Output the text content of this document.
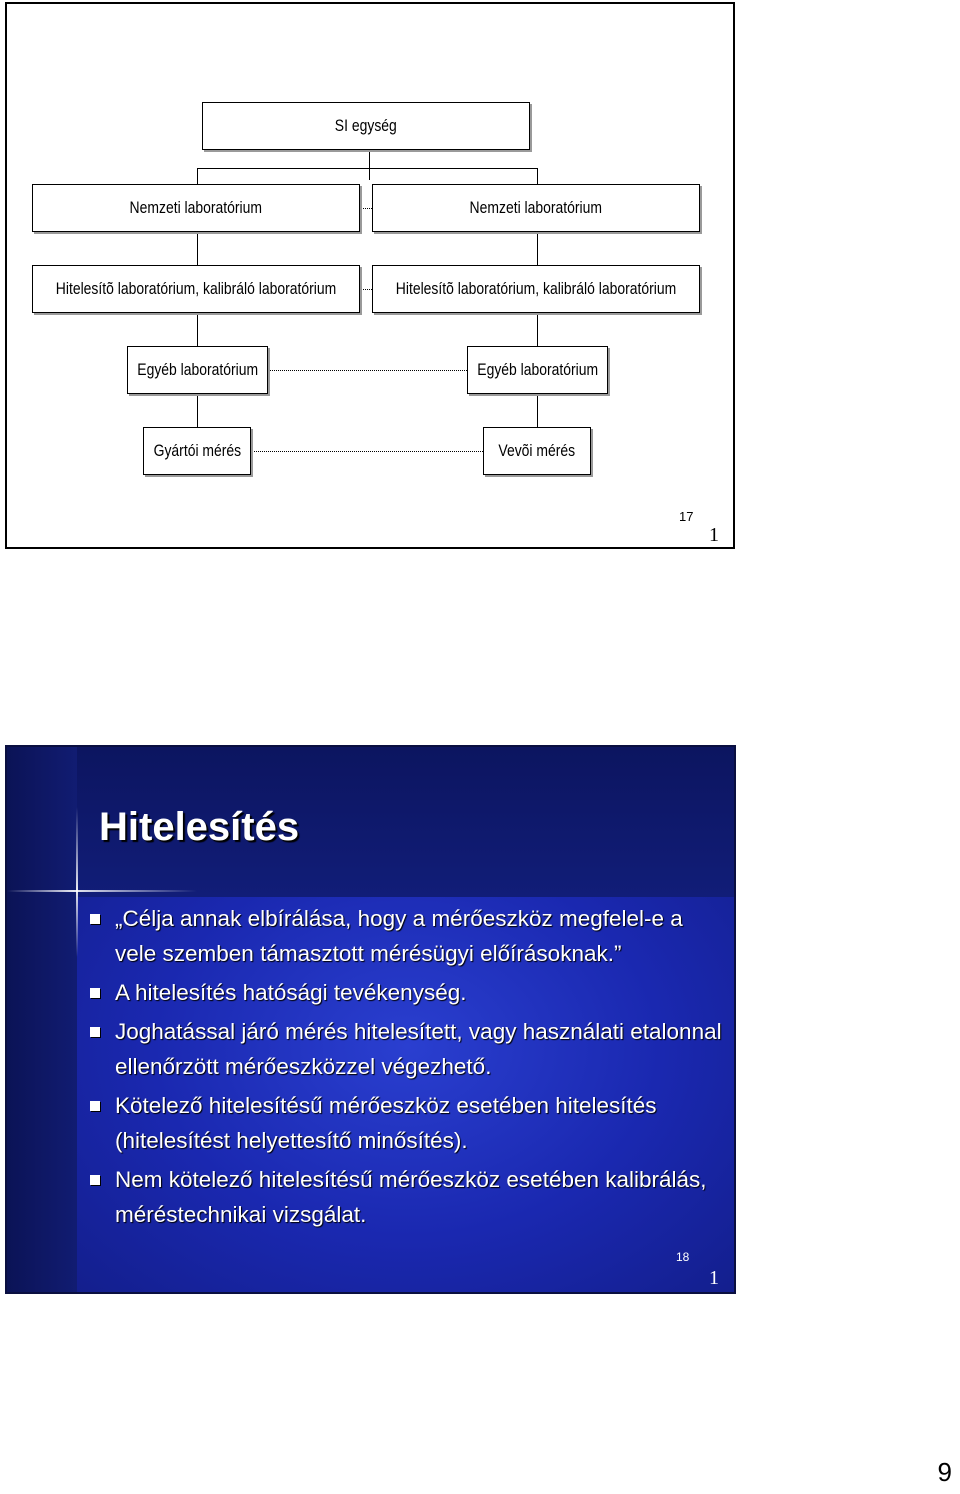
SI egység
Nemzeti laboratórium	Nemzeti laboratórium
Hitelesítõ laboratórium, kalibráló laboratórium	Hitelesítõ laboratórium, kalibráló laboratórium
Egyéb laboratórium	Egyéb laboratórium
Gyártói mérés	Vevõi mérés
17
1
Hitelesítés
„Célja annak elbírálása, hogy a mérőeszköz megfelel-e a vele szemben támasztott mérésügyi előírásoknak.”
A hitelesítés hatósági tevékenység.
Joghatással járó mérés hitelesített, vagy használati etalonnal ellenőrzött mérőeszközzel végezhető.
Kötelező hitelesítésű mérőeszköz esetében hitelesítés (hitelesítést helyettesítő minősítés).
Nem kötelező hitelesítésű mérőeszköz esetében kalibrálás, méréstechnikai vizsgálat.
18
1
9
